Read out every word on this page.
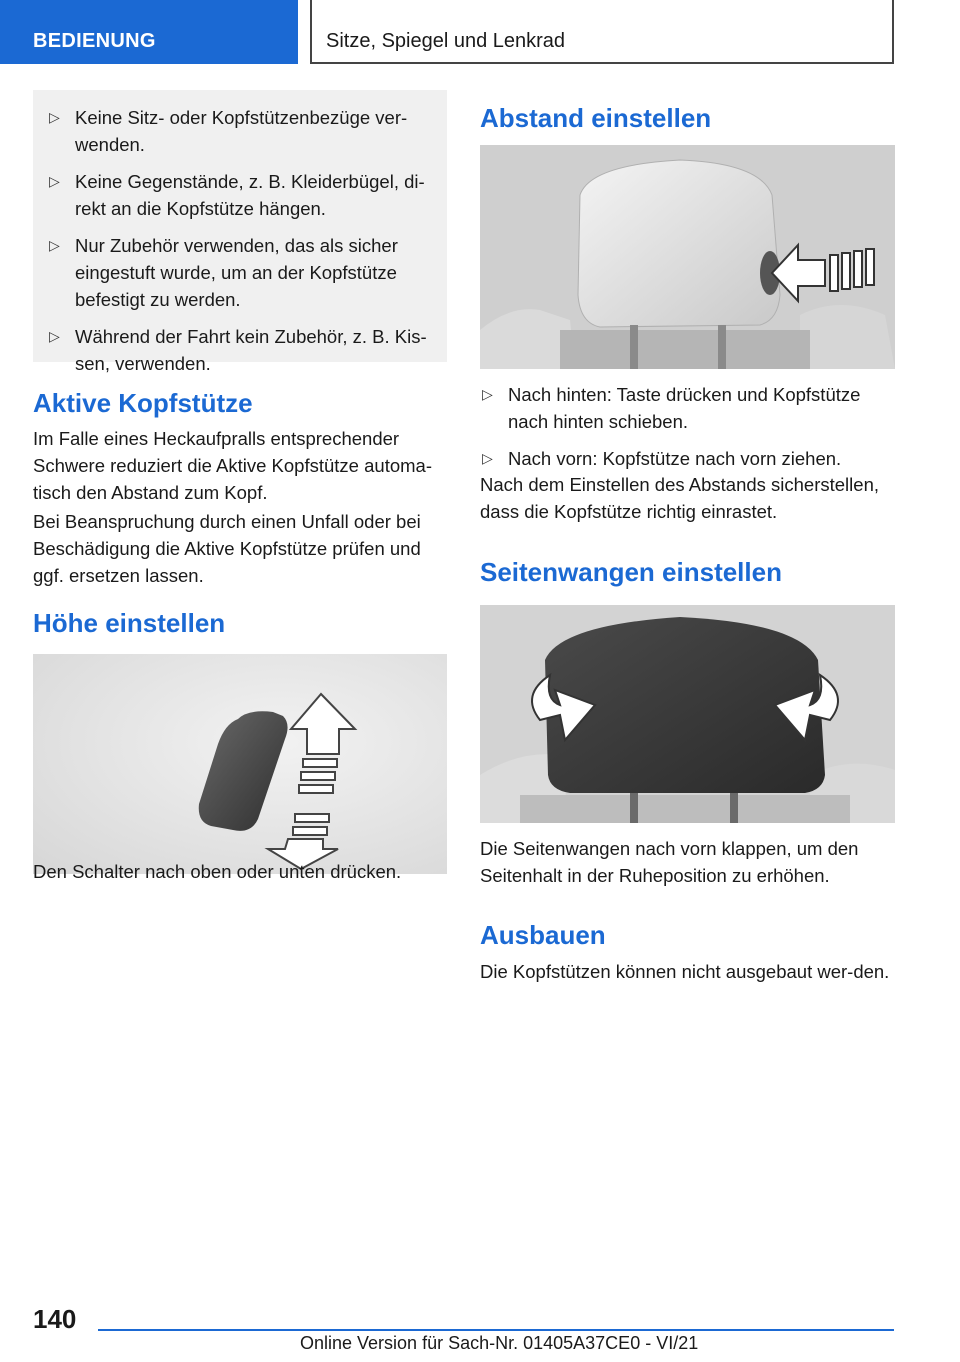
BEDIENUNG	Sitze, Spiegel und Lenkrad
▷ Keine Sitz- oder Kopfstützenbezüge ver-wenden.
▷ Keine Gegenstände, z. B. Kleiderbügel, di-rekt an die Kopfstütze hängen.
▷ Nur Zubehör verwenden, das als sicher eingestuft wurde, um an der Kopfstütze befestigt zu werden.
▷ Während der Fahrt kein Zubehör, z. B. Kis-sen, verwenden.
Aktive Kopfstütze

Im Falle eines Heckaufpralls entsprechender Schwere reduziert die Aktive Kopfstütze automa-tisch den Abstand zum Kopf.

Bei Beanspruchung durch einen Unfall oder bei Beschädigung die Aktive Kopfstütze prüfen und ggf. ersetzen lassen.

Höhe einstellen

Den Schalter nach oben oder unten drücken.

Abstand einstellen
▷ Nach hinten: Taste drücken und Kopfstütze nach hinten schieben.
▷ Nach vorn: Kopfstütze nach vorn ziehen.

Nach dem Einstellen des Abstands sicherstellen, dass die Kopfstütze richtig einrastet.

Seitenwangen einstellen

Die Seitenwangen nach vorn klappen, um den Seitenhalt in der Ruheposition zu erhöhen.

Ausbauen

Die Kopfstützen können nicht ausgebaut wer-den.

140
Online Version für Sach-Nr. 01405A37CE0 - VI/21
